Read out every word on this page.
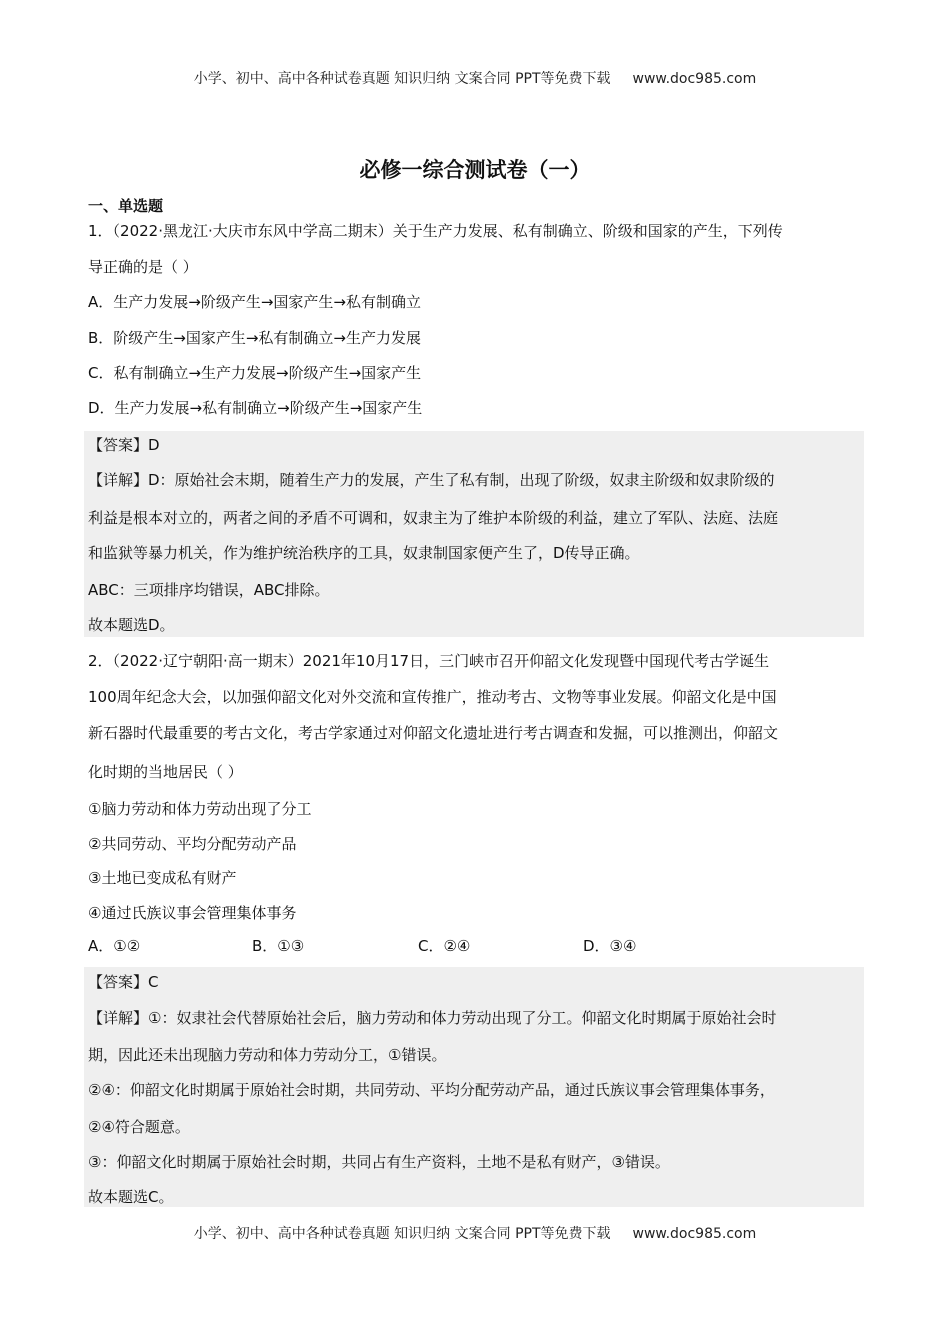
小学、初中、高中各种试卷真题 知识归纳 文案合同 PPT等免费下载 www.doc985.com
必修一综合测试卷（一）
一、单选题
1．（2022·黑龙江·大庆市东风中学高二期末）关于生产力发展、私有制确立、阶级和国家的产生，下列传
导正确的是（ ）
A．生产力发展→阶级产生→国家产生→私有制确立
B．阶级产生→国家产生→私有制确立→生产力发展
C．私有制确立→生产力发展→阶级产生→国家产生
D．生产力发展→私有制确立→阶级产生→国家产生
【答案】D
【详解】D：原始社会末期，随着生产力的发展，产生了私有制，出现了阶级，奴隶主阶级和奴隶阶级的
利益是根本对立的，两者之间的矛盾不可调和，奴隶主为了维护本阶级的利益，建立了军队、法庭、法庭
和监狱等暴力机关，作为维护统治秩序的工具，奴隶制国家便产生了，D传导正确。
ABC：三项排序均错误，ABC排除。
故本题选D。
2．（2022·辽宁朝阳·高一期末）2021年10月17日，三门峡市召开仰韶文化发现暨中国现代考古学诞生
100周年纪念大会，以加强仰韶文化对外交流和宣传推广，推动考古、文物等事业发展。仰韶文化是中国
新石器时代最重要的考古文化，考古学家通过对仰韶文化遗址进行考古调查和发掘，可以推测出，仰韶文
化时期的当地居民（ ）
①脑力劳动和体力劳动出现了分工
②共同劳动、平均分配劳动产品
③土地已变成私有财产
④通过氏族议事会管理集体事务
A．①②	B．①③	C．②④	D．③④
【答案】C
【详解】①：奴隶社会代替原始社会后，脑力劳动和体力劳动出现了分工。仰韶文化时期属于原始社会时
期，因此还未出现脑力劳动和体力劳动分工，①错误。
②④：仰韶文化时期属于原始社会时期，共同劳动、平均分配劳动产品，通过氏族议事会管理集体事务，
②④符合题意。
③：仰韶文化时期属于原始社会时期，共同占有生产资料，土地不是私有财产，③错误。
故本题选C。
小学、初中、高中各种试卷真题 知识归纳 文案合同 PPT等免费下载 www.doc985.com
